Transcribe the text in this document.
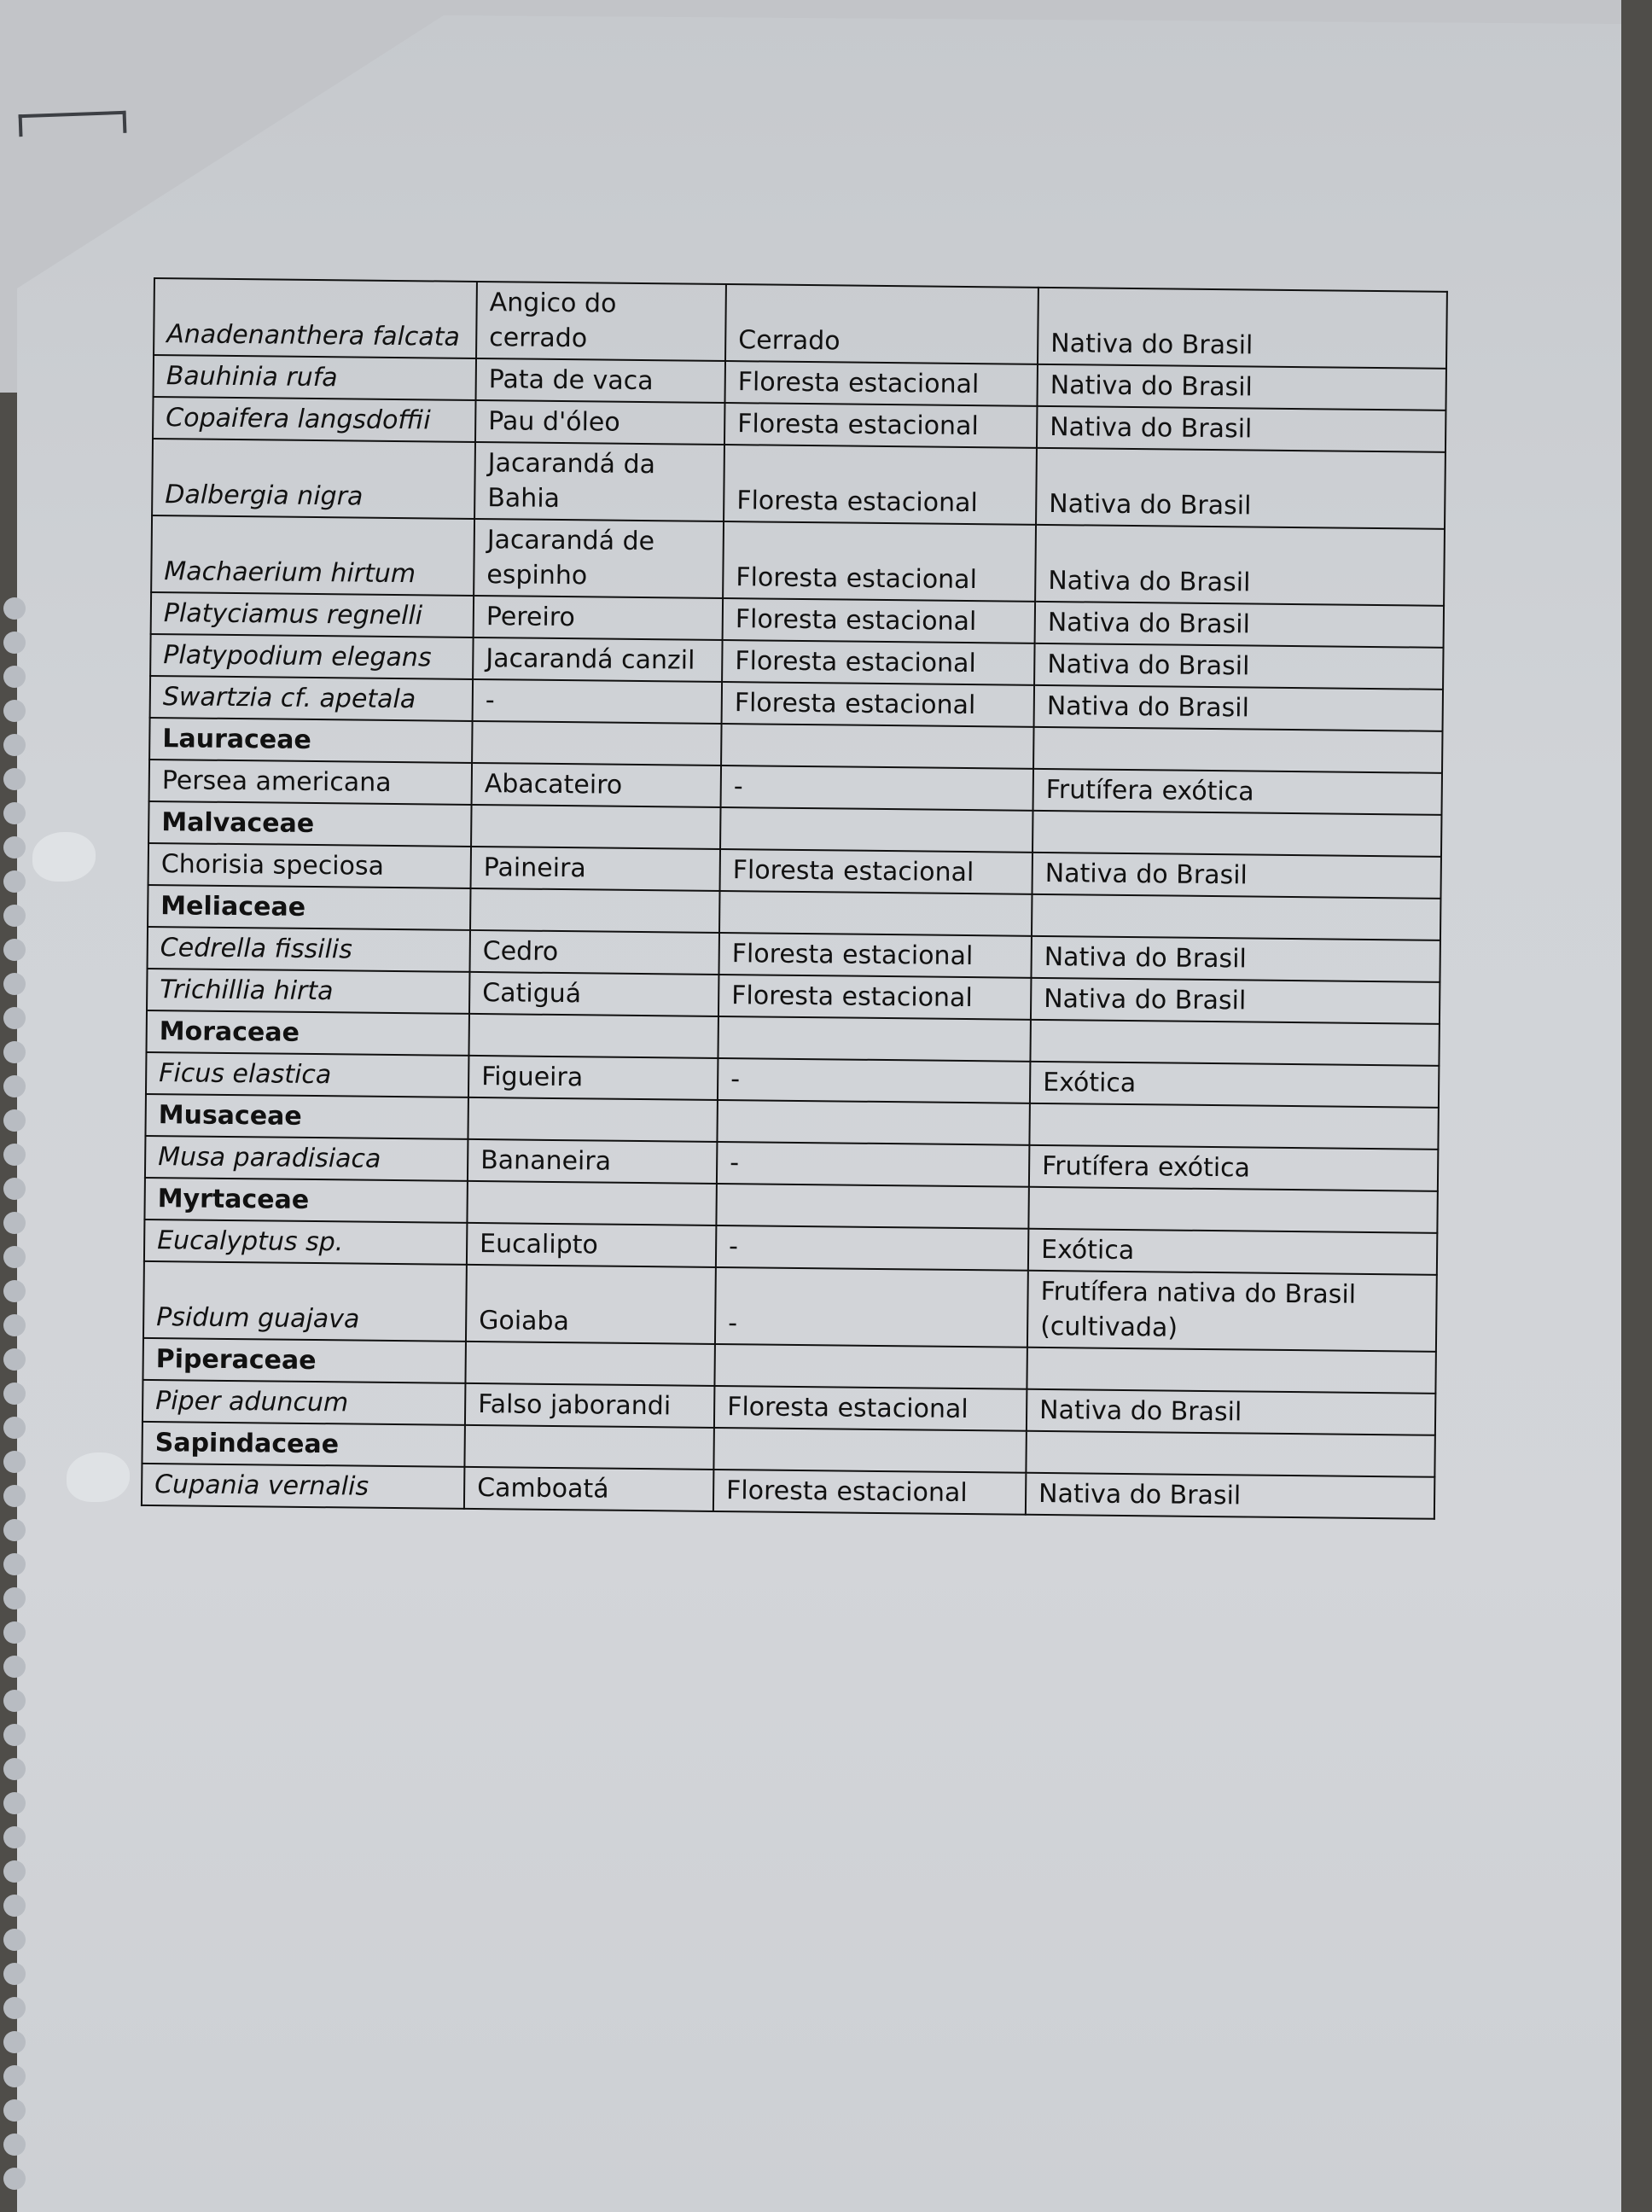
Anadenanthera falcata	Angico do cerrado	Cerrado	Nativa do Brasil
Bauhinia rufa	Pata de vaca	Floresta estacional	Nativa do Brasil
Copaifera langsdoffii	Pau d'óleo	Floresta estacional	Nativa do Brasil
Dalbergia nigra	Jacarandá da Bahia	Floresta estacional	Nativa do Brasil
Machaerium hirtum	Jacarandá de espinho	Floresta estacional	Nativa do Brasil
Platyciamus regnelli	Pereiro	Floresta estacional	Nativa do Brasil
Platypodium elegans	Jacarandá canzil	Floresta estacional	Nativa do Brasil
Swartzia cf. apetala	-	Floresta estacional	Nativa do Brasil
Lauraceae			
Persea americana	Abacateiro	-	Frutífera exótica
Malvaceae			
Chorisia speciosa	Paineira	Floresta estacional	Nativa do Brasil
Meliaceae			
Cedrella fissilis	Cedro	Floresta estacional	Nativa do Brasil
Trichillia hirta	Catiguá	Floresta estacional	Nativa do Brasil
Moraceae			
Ficus elastica	Figueira	-	Exótica
Musaceae			
Musa paradisiaca	Bananeira	-	Frutífera exótica
Myrtaceae			
Eucalyptus sp.	Eucalipto	-	Exótica
Psidum guajava	Goiaba	-	Frutífera nativa do Brasil (cultivada)
Piperaceae			
Piper aduncum	Falso jaborandi	Floresta estacional	Nativa do Brasil
Sapindaceae			
Cupania vernalis	Camboatá	Floresta estacional	Nativa do Brasil
